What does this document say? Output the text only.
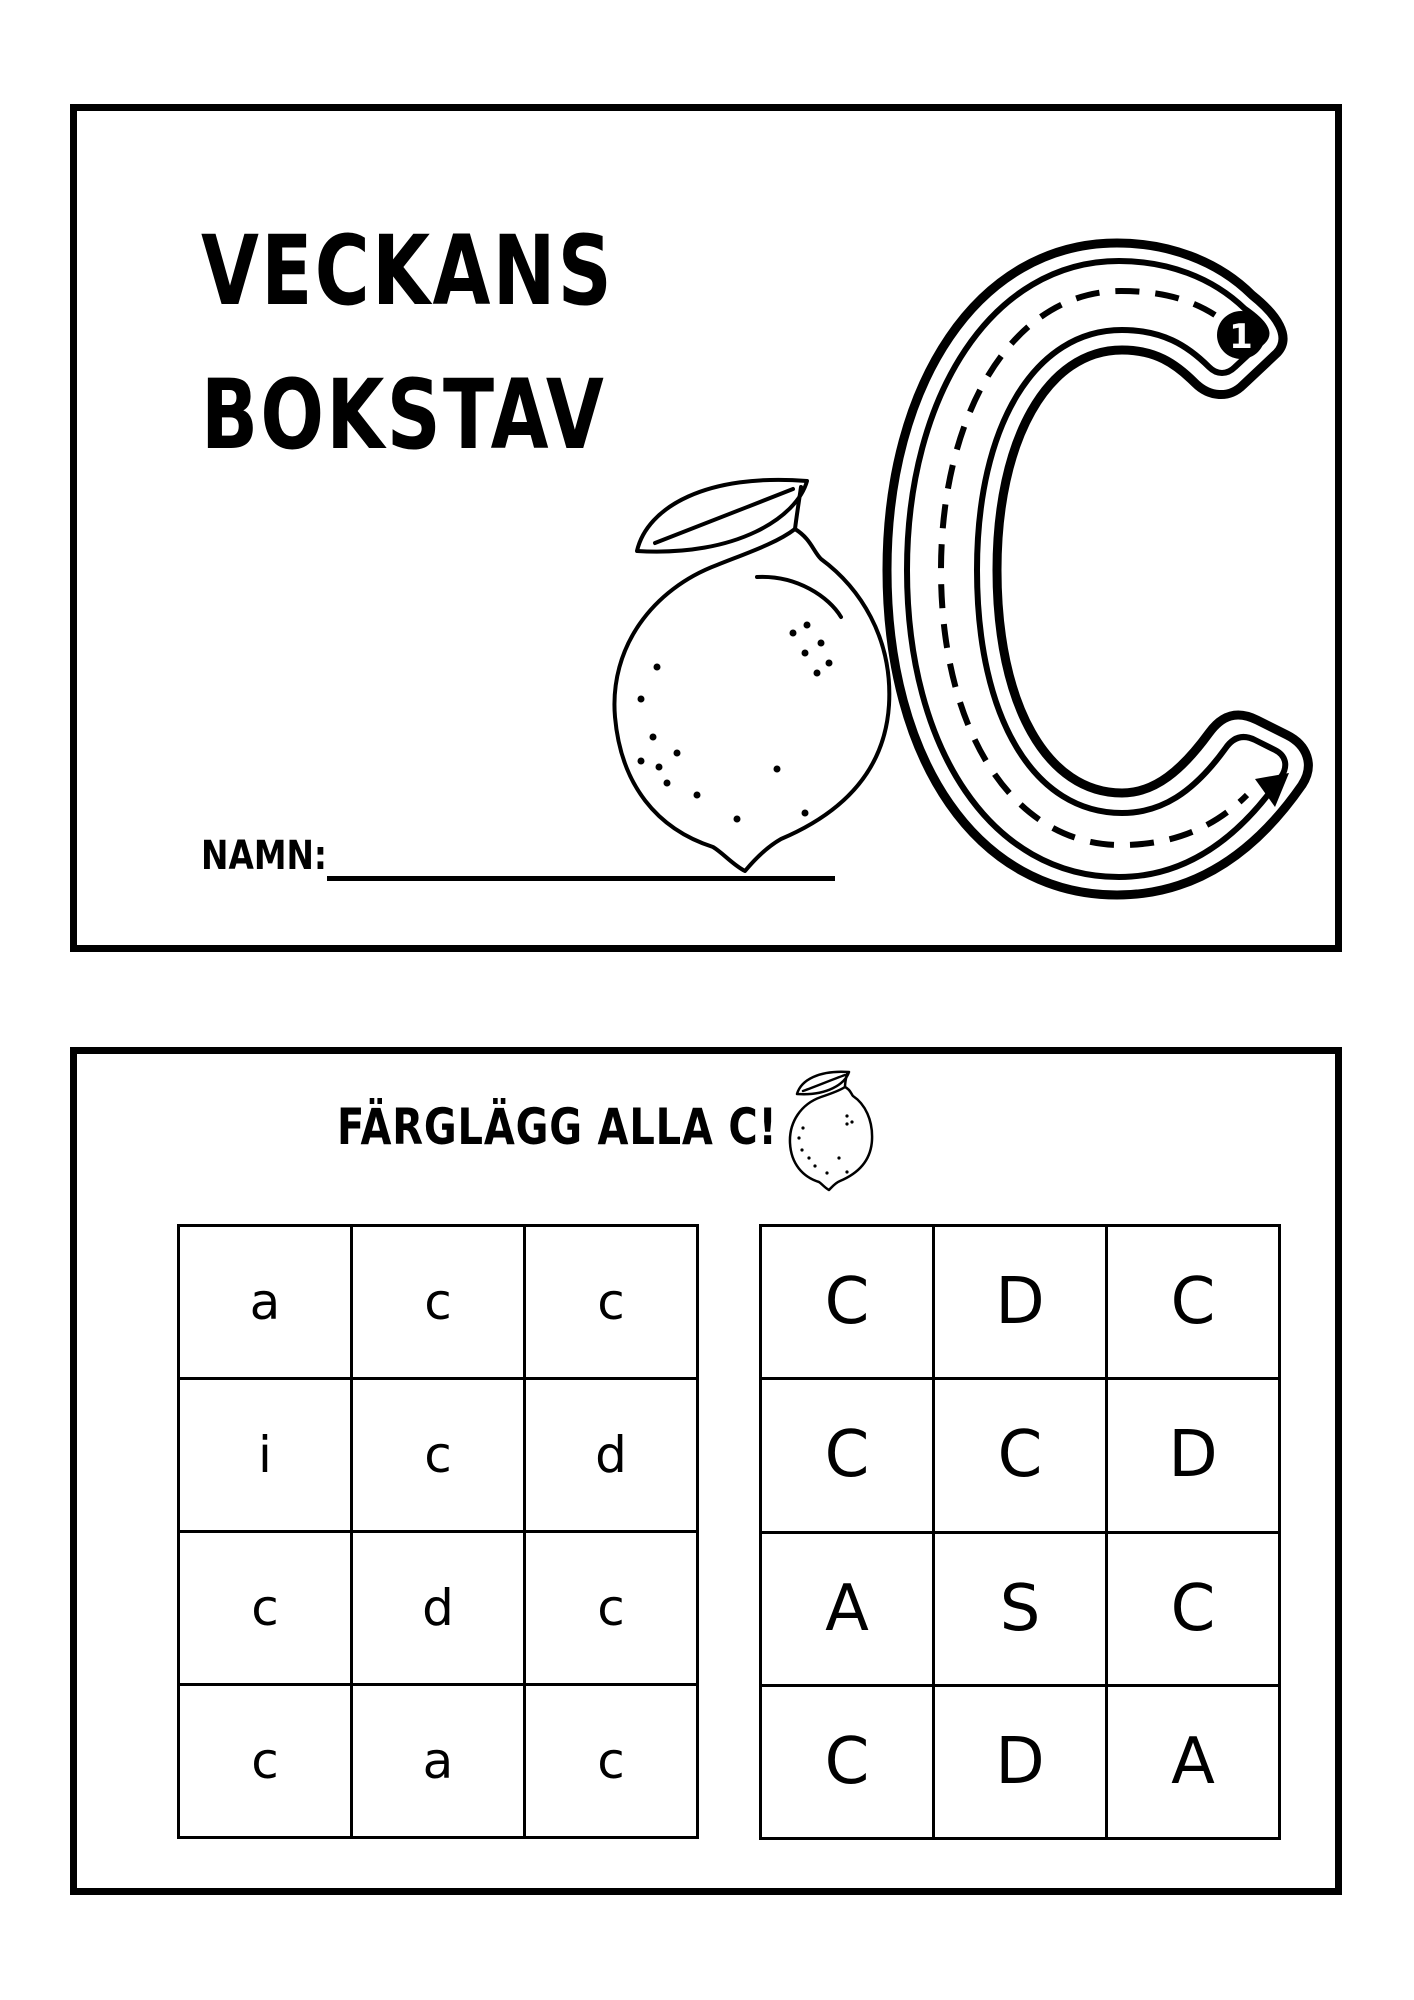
VECKANS
BOKSTAV
1
NAMN:
FÄRGLÄGG ALLA C!
a	c	c
i	c	d
c	d	c
c	a	c
C	D	C
C	C	D
A	S	C
C	D	A
